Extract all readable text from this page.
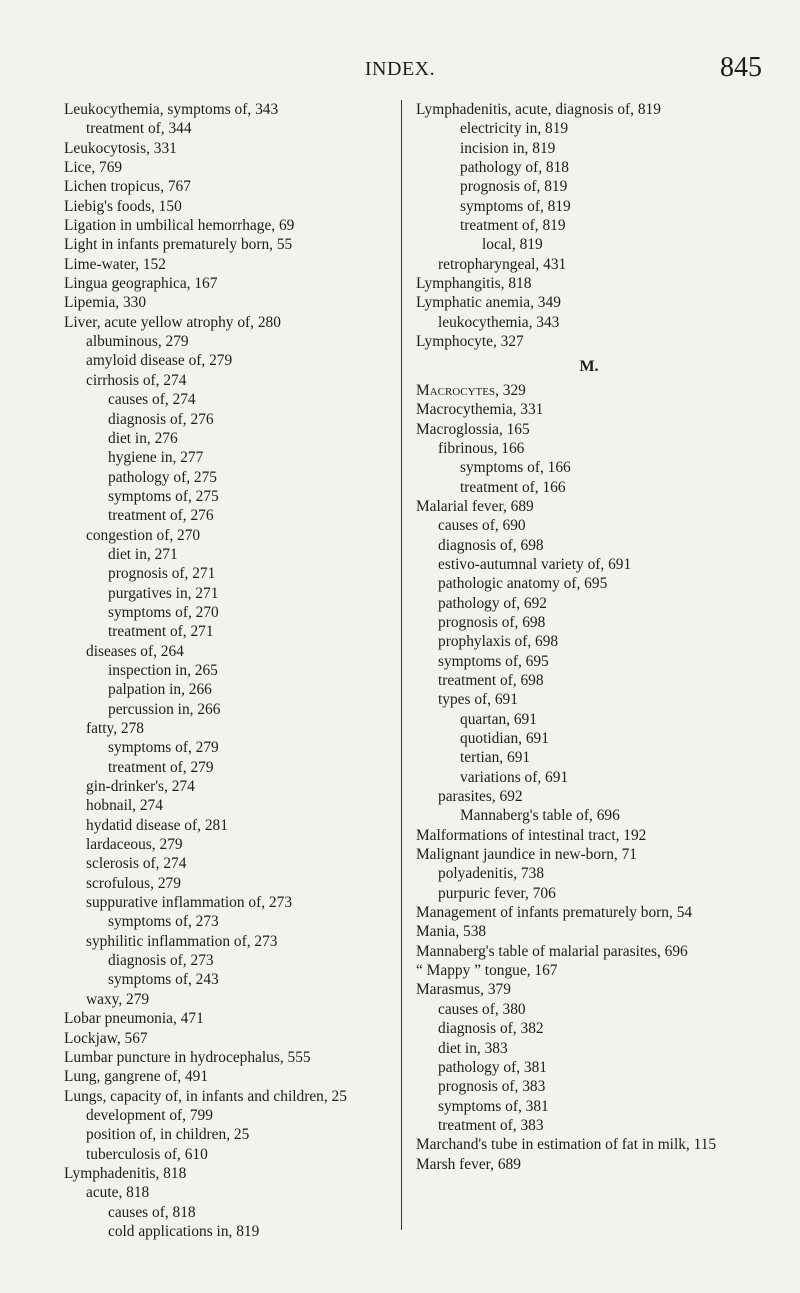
INDEX.	845
Leukocythemia, symptoms of, 343
treatment of, 344
Leukocytosis, 331
Lice, 769
Lichen tropicus, 767
Liebig's foods, 150
Ligation in umbilical hemorrhage, 69
Light in infants prematurely born, 55
Lime-water, 152
Lingua geographica, 167
Lipemia, 330
Liver, acute yellow atrophy of, 280
albuminous, 279
amyloid disease of, 279
cirrhosis of, 274
causes of, 274
diagnosis of, 276
diet in, 276
hygiene in, 277
pathology of, 275
symptoms of, 275
treatment of, 276
congestion of, 270
diet in, 271
prognosis of, 271
purgatives in, 271
symptoms of, 270
treatment of, 271
diseases of, 264
inspection in, 265
palpation in, 266
percussion in, 266
fatty, 278
symptoms of, 279
treatment of, 279
gin-drinker's, 274
hobnail, 274
hydatid disease of, 281
lardaceous, 279
sclerosis of, 274
scrofulous, 279
suppurative inflammation of, 273
symptoms of, 273
syphilitic inflammation of, 273
diagnosis of, 273
symptoms of, 243
waxy, 279
Lobar pneumonia, 471
Lockjaw, 567
Lumbar puncture in hydrocephalus, 555
Lung, gangrene of, 491
Lungs, capacity of, in infants and children, 25
development of, 799
position of, in children, 25
tuberculosis of, 610
Lymphadenitis, 818
acute, 818
causes of, 818
cold applications in, 819
Lymphadenitis, acute, diagnosis of, 819
electricity in, 819
incision in, 819
pathology of, 818
prognosis of, 819
symptoms of, 819
treatment of, 819
local, 819
retropharyngeal, 431
Lymphangitis, 818
Lymphatic anemia, 349
leukocythemia, 343
Lymphocyte, 327
M.
Macrocytes, 329
Macrocythemia, 331
Macroglossia, 165
fibrinous, 166
symptoms of, 166
treatment of, 166
Malarial fever, 689
causes of, 690
diagnosis of, 698
estivo-autumnal variety of, 691
pathologic anatomy of, 695
pathology of, 692
prognosis of, 698
prophylaxis of, 698
symptoms of, 695
treatment of, 698
types of, 691
quartan, 691
quotidian, 691
tertian, 691
variations of, 691
parasites, 692
Mannaberg's table of, 696
Malformations of intestinal tract, 192
Malignant jaundice in new-born, 71
polyadenitis, 738
purpuric fever, 706
Management of infants prematurely born, 54
Mania, 538
Mannaberg's table of malarial parasites, 696
“ Mappy ” tongue, 167
Marasmus, 379
causes of, 380
diagnosis of, 382
diet in, 383
pathology of, 381
prognosis of, 383
symptoms of, 381
treatment of, 383
Marchand's tube in estimation of fat in milk, 115
Marsh fever, 689
